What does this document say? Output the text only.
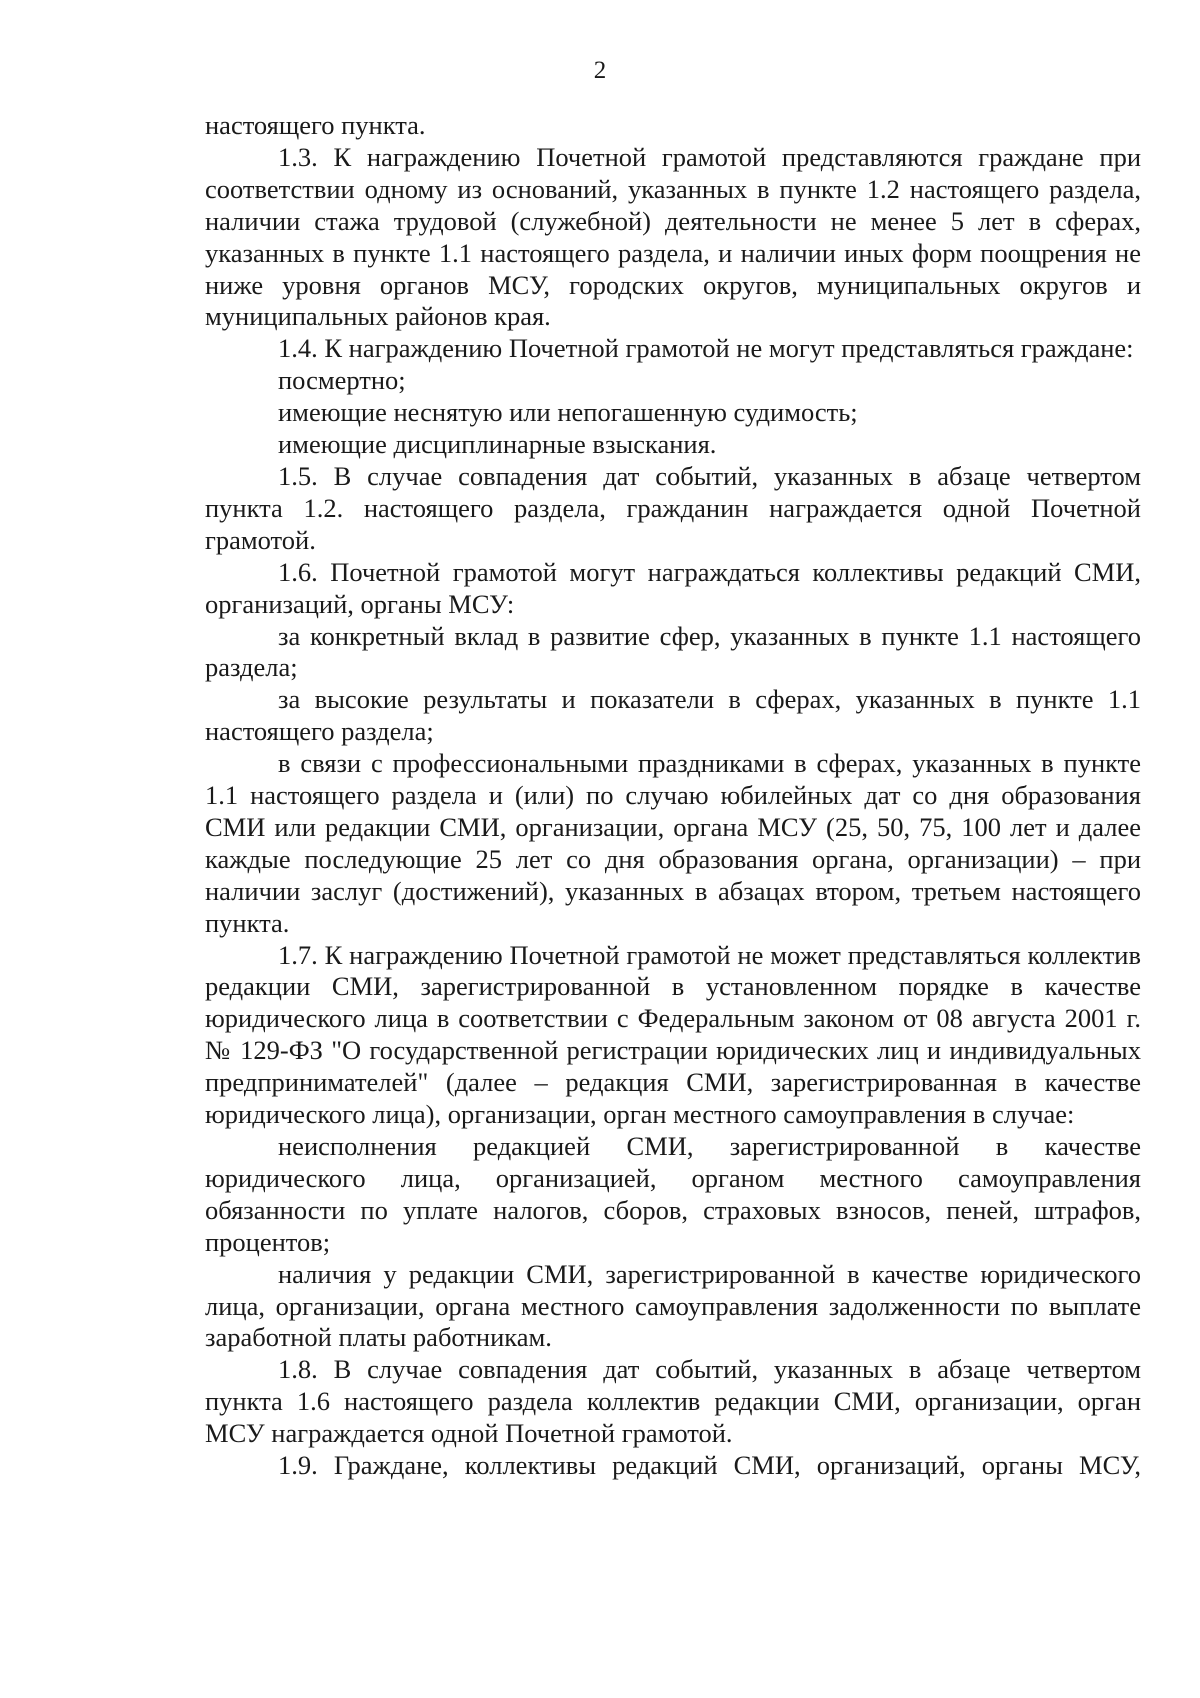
2

настоящего пункта.

1.3. К награждению Почетной грамотой представляются граждане при соответствии одному из оснований, указанных в пункте 1.2 настоящего раздела, наличии стажа трудовой (служебной) деятельности не менее 5 лет в сферах, указанных в пункте 1.1 настоящего раздела, и наличии иных форм поощрения не ниже уровня органов МСУ, городских округов, муниципальных округов и муниципальных районов края.

1.4. К награждению Почетной грамотой не могут представляться граждане:

посмертно;

имеющие неснятую или непогашенную судимость;

имеющие дисциплинарные взыскания.

1.5. В случае совпадения дат событий, указанных в абзаце четвертом пункта 1.2. настоящего раздела, гражданин награждается одной Почетной грамотой.

1.6. Почетной грамотой могут награждаться коллективы редакций СМИ, организаций, органы МСУ:

за конкретный вклад в развитие сфер, указанных в пункте 1.1 настоящего раздела;

за высокие результаты и показатели в сферах, указанных в пункте 1.1 настоящего раздела;

в связи с профессиональными праздниками в сферах, указанных в пункте 1.1 настоящего раздела и (или) по случаю юбилейных дат со дня образования СМИ или редакции СМИ, организации, органа МСУ (25, 50, 75, 100 лет и далее каждые последующие 25 лет со дня образования органа, организации) – при наличии заслуг (достижений), указанных в абзацах втором, третьем настоящего пункта.

1.7. К награждению Почетной грамотой не может представляться коллектив редакции СМИ, зарегистрированной в установленном порядке в качестве юридического лица в соответствии с Федеральным законом от 08 августа 2001 г. № 129-ФЗ "О государственной регистрации юридических лиц и индивидуальных предпринимателей" (далее – редакция СМИ, зарегистрированная в качестве юридического лица), организации, орган местного самоуправления в случае:

неисполнения редакцией СМИ, зарегистрированной в качестве юридического лица, организацией, органом местного самоуправления обязанности по уплате налогов, сборов, страховых взносов, пеней, штрафов, процентов;

наличия у редакции СМИ, зарегистрированной в качестве юридического лица, организации, органа местного самоуправления задолженности по выплате заработной платы работникам.

1.8. В случае совпадения дат событий, указанных в абзаце четвертом пункта 1.6 настоящего раздела коллектив редакции СМИ, организации, орган МСУ награждается одной Почетной грамотой.

1.9. Граждане, коллективы редакций СМИ, организаций, органы МСУ,
